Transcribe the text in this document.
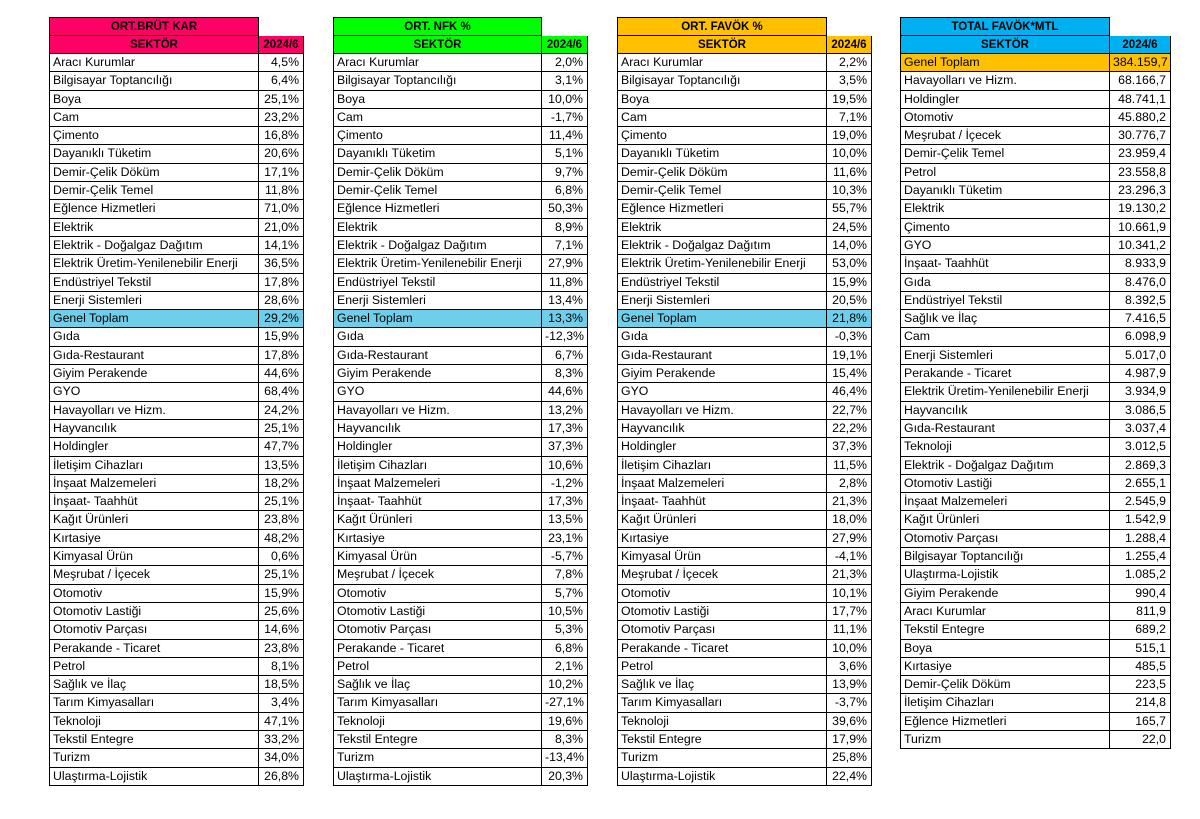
ORT.BRÜT KAR
SEKTÖR	2024/6
Aracı Kurumlar	4,5%
Bilgisayar Toptancılığı	6,4%
Boya	25,1%
Cam	23,2%
Çimento	16,8%
Dayanıklı Tüketim	20,6%
Demir-Çelik Döküm	17,1%
Demir-Çelik Temel	11,8%
Eğlence Hizmetleri	71,0%
Elektrik	21,0%
Elektrik - Doğalgaz Dağıtım	14,1%
Elektrik Üretim-Yenilenebilir Enerji	36,5%
Endüstriyel Tekstil	17,8%
Enerji Sistemleri	28,6%
Genel Toplam	29,2%
Gıda	15,9%
Gıda-Restaurant	17,8%
Giyim Perakende	44,6%
GYO	68,4%
Havayolları ve Hizm.	24,2%
Hayvancılık	25,1%
Holdingler	47,7%
İletişim Cihazları	13,5%
İnşaat Malzemeleri	18,2%
İnşaat- Taahhüt	25,1%
Kağıt Ürünleri	23,8%
Kırtasiye	48,2%
Kimyasal Ürün	0,6%
Meşrubat / İçecek	25,1%
Otomotiv	15,9%
Otomotiv Lastiği	25,6%
Otomotiv Parçası	14,6%
Perakande - Ticaret	23,8%
Petrol	8,1%
Sağlık ve İlaç	18,5%
Tarım Kimyasalları	3,4%
Teknoloji	47,1%
Tekstil Entegre	33,2%
Turizm	34,0%
Ulaştırma-Lojistik	26,8%
ORT. NFK %
SEKTÖR	2024/6
Aracı Kurumlar	2,0%
Bilgisayar Toptancılığı	3,1%
Boya	10,0%
Cam	-1,7%
Çimento	11,4%
Dayanıklı Tüketim	5,1%
Demir-Çelik Döküm	9,7%
Demir-Çelik Temel	6,8%
Eğlence Hizmetleri	50,3%
Elektrik	8,9%
Elektrik - Doğalgaz Dağıtım	7,1%
Elektrik Üretim-Yenilenebilir Enerji	27,9%
Endüstriyel Tekstil	11,8%
Enerji Sistemleri	13,4%
Genel Toplam	13,3%
Gıda	-12,3%
Gıda-Restaurant	6,7%
Giyim Perakende	8,3%
GYO	44,6%
Havayolları ve Hizm.	13,2%
Hayvancılık	17,3%
Holdingler	37,3%
İletişim Cihazları	10,6%
İnşaat Malzemeleri	-1,2%
İnşaat- Taahhüt	17,3%
Kağıt Ürünleri	13,5%
Kırtasiye	23,1%
Kimyasal Ürün	-5,7%
Meşrubat / İçecek	7,8%
Otomotiv	5,7%
Otomotiv Lastiği	10,5%
Otomotiv Parçası	5,3%
Perakande - Ticaret	6,8%
Petrol	2,1%
Sağlık ve İlaç	10,2%
Tarım Kimyasalları	-27,1%
Teknoloji	19,6%
Tekstil Entegre	8,3%
Turizm	-13,4%
Ulaştırma-Lojistik	20,3%
ORT. FAVÖK %
SEKTÖR	2024/6
Aracı Kurumlar	2,2%
Bilgisayar Toptancılığı	3,5%
Boya	19,5%
Cam	7,1%
Çimento	19,0%
Dayanıklı Tüketim	10,0%
Demir-Çelik Döküm	11,6%
Demir-Çelik Temel	10,3%
Eğlence Hizmetleri	55,7%
Elektrik	24,5%
Elektrik - Doğalgaz Dağıtım	14,0%
Elektrik Üretim-Yenilenebilir Enerji	53,0%
Endüstriyel Tekstil	15,9%
Enerji Sistemleri	20,5%
Genel Toplam	21,8%
Gıda	-0,3%
Gıda-Restaurant	19,1%
Giyim Perakende	15,4%
GYO	46,4%
Havayolları ve Hizm.	22,7%
Hayvancılık	22,2%
Holdingler	37,3%
İletişim Cihazları	11,5%
İnşaat Malzemeleri	2,8%
İnşaat- Taahhüt	21,3%
Kağıt Ürünleri	18,0%
Kırtasiye	27,9%
Kimyasal Ürün	-4,1%
Meşrubat / İçecek	21,3%
Otomotiv	10,1%
Otomotiv Lastiği	17,7%
Otomotiv Parçası	11,1%
Perakande - Ticaret	10,0%
Petrol	3,6%
Sağlık ve İlaç	13,9%
Tarım Kimyasalları	-3,7%
Teknoloji	39,6%
Tekstil Entegre	17,9%
Turizm	25,8%
Ulaştırma-Lojistik	22,4%
TOTAL FAVÖK*MTL
SEKTÖR	2024/6
Genel Toplam	384.159,7
Havayolları ve Hizm.	68.166,7
Holdingler	48.741,1
Otomotiv	45.880,2
Meşrubat / İçecek	30.776,7
Demir-Çelik Temel	23.959,4
Petrol	23.558,8
Dayanıklı Tüketim	23.296,3
Elektrik	19.130,2
Çimento	10.661,9
GYO	10.341,2
İnşaat- Taahhüt	8.933,9
Gıda	8.476,0
Endüstriyel Tekstil	8.392,5
Sağlık ve İlaç	7.416,5
Cam	6.098,9
Enerji Sistemleri	5.017,0
Perakande - Ticaret	4.987,9
Elektrik Üretim-Yenilenebilir Enerji	3.934,9
Hayvancılık	3.086,5
Gıda-Restaurant	3.037,4
Teknoloji	3.012,5
Elektrik - Doğalgaz Dağıtım	2.869,3
Otomotiv Lastiği	2.655,1
İnşaat Malzemeleri	2.545,9
Kağıt Ürünleri	1.542,9
Otomotiv Parçası	1.288,4
Bilgisayar Toptancılığı	1.255,4
Ulaştırma-Lojistik	1.085,2
Giyim Perakende	990,4
Aracı Kurumlar	811,9
Tekstil Entegre	689,2
Boya	515,1
Kırtasiye	485,5
Demir-Çelik Döküm	223,5
İletişim Cihazları	214,8
Eğlence Hizmetleri	165,7
Turizm	22,0
